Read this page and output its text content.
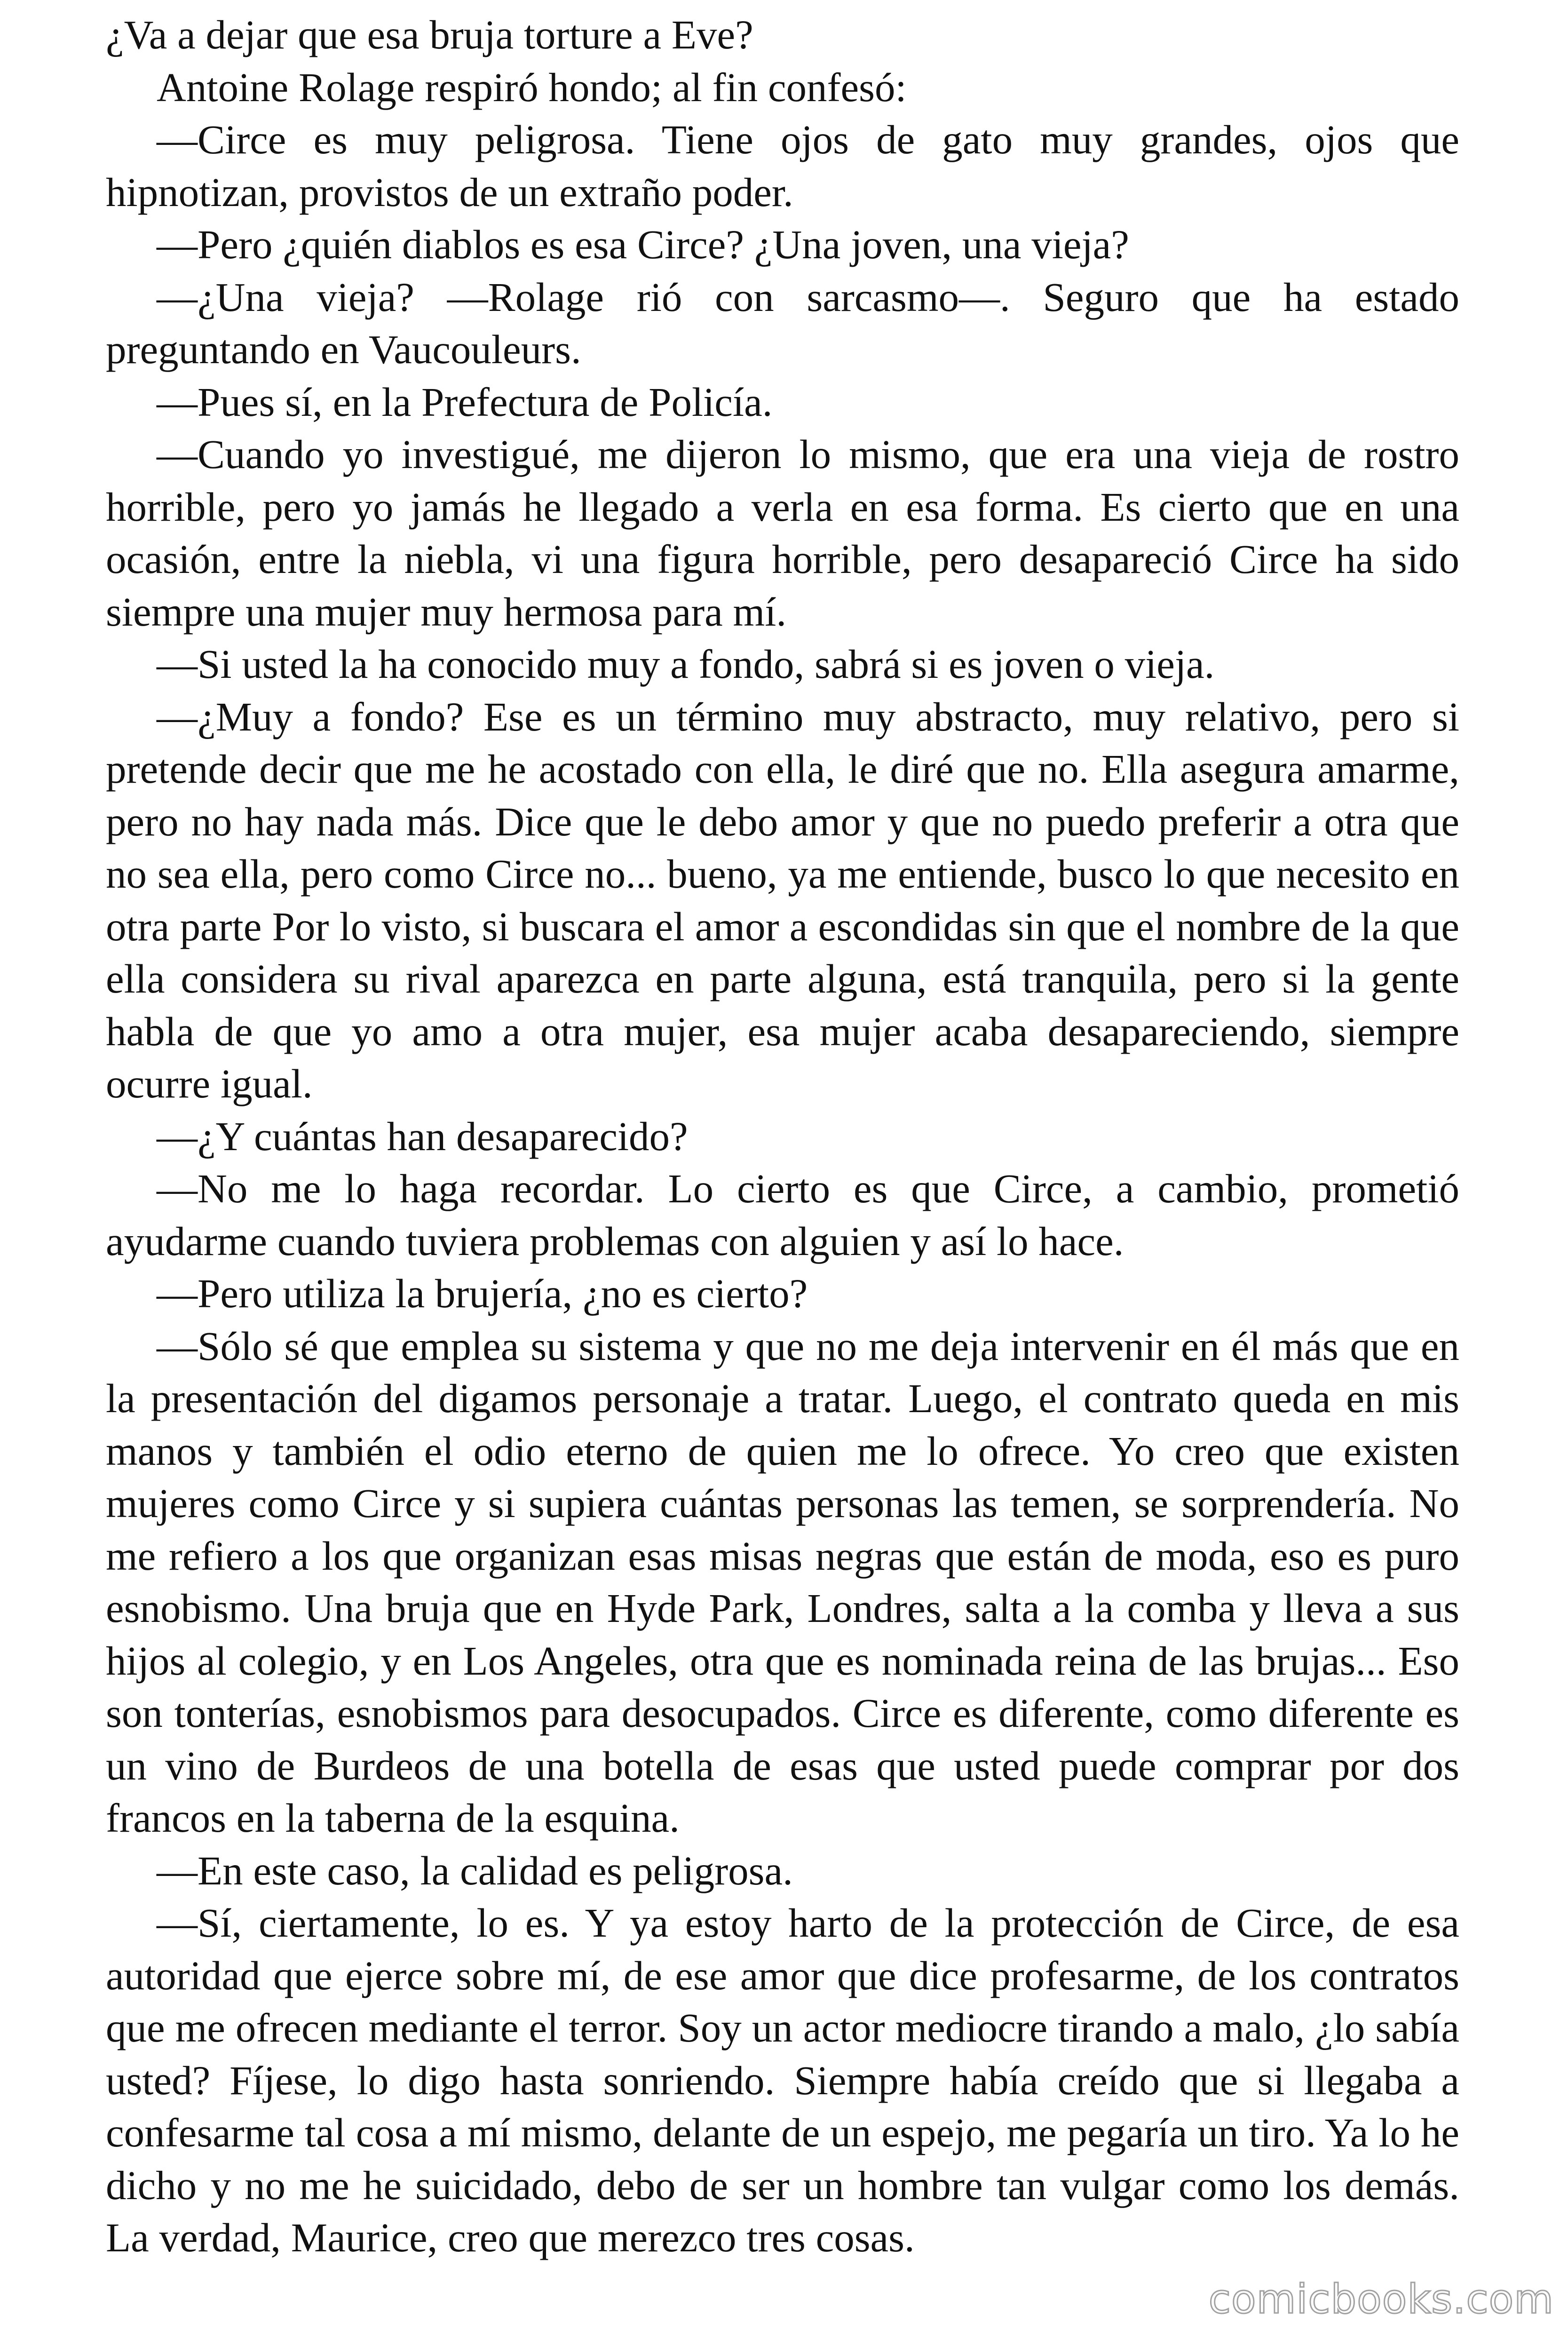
¿Va a dejar que esa bruja torture a Eve?

Antoine Rolage respiró hondo; al fin confesó:

—Circe es muy peligrosa. Tiene ojos de gato muy grandes, ojos que hipnotizan, provistos de un extraño poder.

—Pero ¿quién diablos es esa Circe? ¿Una joven, una vieja?

—¿Una vieja? —Rolage rió con sarcasmo—. Seguro que ha estado preguntando en Vaucouleurs.

—Pues sí, en la Prefectura de Policía.

—Cuando yo investigué, me dijeron lo mismo, que era una vieja de rostro horrible, pero yo jamás he llegado a verla en esa forma. Es cierto que en una ocasión, entre la niebla, vi una figura horrible, pero desapareció Circe ha sido siempre una mujer muy hermosa para mí.

—Si usted la ha conocido muy a fondo, sabrá si es joven o vieja.

—¿Muy a fondo? Ese es un término muy abstracto, muy relativo, pero si pretende decir que me he acostado con ella, le diré que no. Ella asegura amarme, pero no hay nada más. Dice que le debo amor y que no puedo preferir a otra que no sea ella, pero como Circe no... bueno, ya me entiende, busco lo que necesito en otra parte Por lo visto, si buscara el amor a escondidas sin que el nombre de la que ella considera su rival aparezca en parte alguna, está tranquila, pero si la gente habla de que yo amo a otra mujer, esa mujer acaba desapareciendo, siempre ocurre igual.

—¿Y cuántas han desaparecido?

—No me lo haga recordar. Lo cierto es que Circe, a cambio, prometió ayudarme cuando tuviera problemas con alguien y así lo hace.

—Pero utiliza la brujería, ¿no es cierto?

—Sólo sé que emplea su sistema y que no me deja intervenir en él más que en la presentación del digamos personaje a tratar. Luego, el contrato queda en mis manos y también el odio eterno de quien me lo ofrece. Yo creo que existen mujeres como Circe y si supiera cuántas personas las temen, se sorprendería. No me refiero a los que organizan esas misas negras que están de moda, eso es puro esnobismo. Una bruja que en Hyde Park, Londres, salta a la comba y lleva a sus hijos al colegio, y en Los Angeles, otra que es nominada reina de las brujas... Eso son tonterías, esnobismos para desocupados. Circe es diferente, como diferente es un vino de Burdeos de una botella de esas que usted puede comprar por dos francos en la taberna de la esquina.

—En este caso, la calidad es peligrosa.

—Sí, ciertamente, lo es. Y ya estoy harto de la protección de Circe, de esa autoridad que ejerce sobre mí, de ese amor que dice profesarme, de los contratos que me ofrecen mediante el terror. Soy un actor mediocre tirando a malo, ¿lo sabía usted? Fíjese, lo digo hasta sonriendo. Siempre había creído que si llegaba a confesarme tal cosa a mí mismo, delante de un espejo, me pegaría un tiro. Ya lo he dicho y no me he suicidado, debo de ser un hombre tan vulgar como los demás. La verdad, Maurice, creo que merezco tres cosas.

comicbooks.com
